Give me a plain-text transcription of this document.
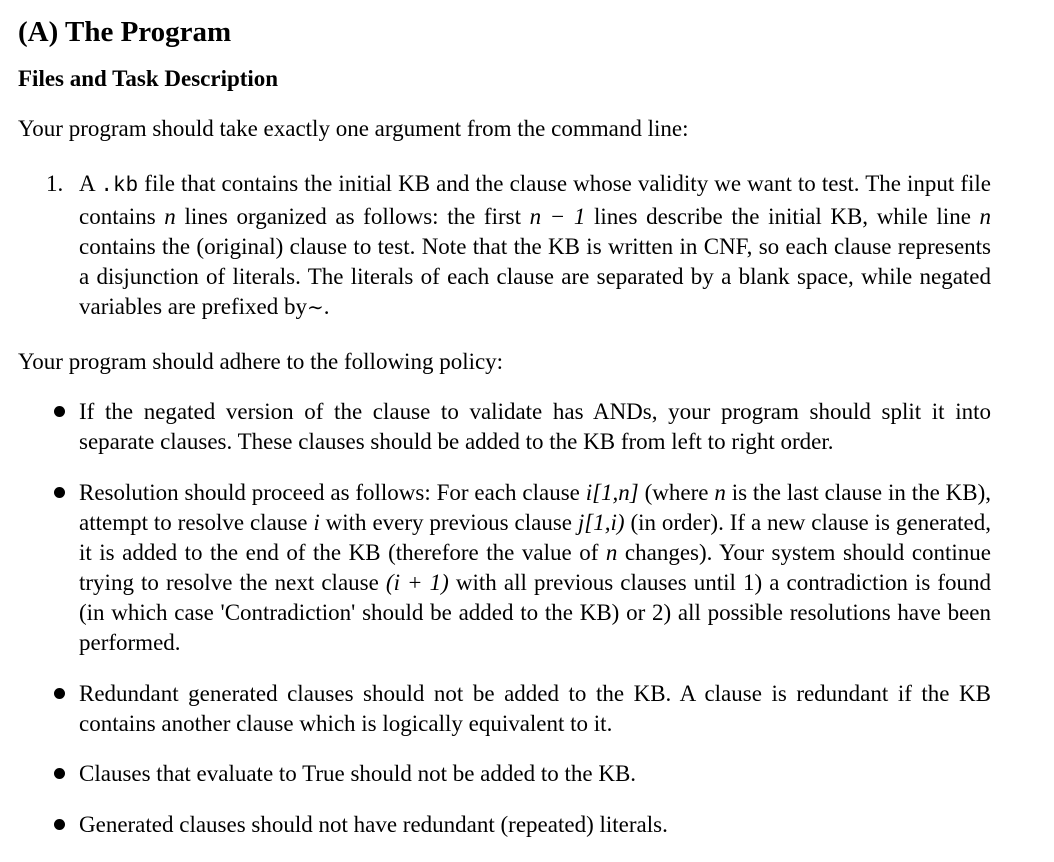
(A) The Program
Files and Task Description

Your program should take exactly one argument from the command line:

1. A .kb file that contains the initial KB and the clause whose validity we want to test. The input file contains n lines organized as follows: the first n − 1 lines describe the initial KB, while line n contains the (original) clause to test. Note that the KB is written in CNF, so each clause represents a disjunction of literals. The literals of each clause are separated by a blank space, while negated variables are prefixed by∼.

Your program should adhere to the following policy:

If the negated version of the clause to validate has ANDs, your program should split it into separate clauses. These clauses should be added to the KB from left to right order.

Resolution should proceed as follows: For each clause i[1,n] (where n is the last clause in the KB), attempt to resolve clause i with every previous clause j[1,i) (in order). If a new clause is generated, it is added to the end of the KB (therefore the value of n changes). Your system should continue trying to resolve the next clause (i + 1) with all previous clauses until 1) a contradiction is found (in which case 'Contradiction' should be added to the KB) or 2) all possible resolutions have been performed.

Redundant generated clauses should not be added to the KB. A clause is redundant if the KB contains another clause which is logically equivalent to it.

Clauses that evaluate to True should not be added to the KB.

Generated clauses should not have redundant (repeated) literals.
